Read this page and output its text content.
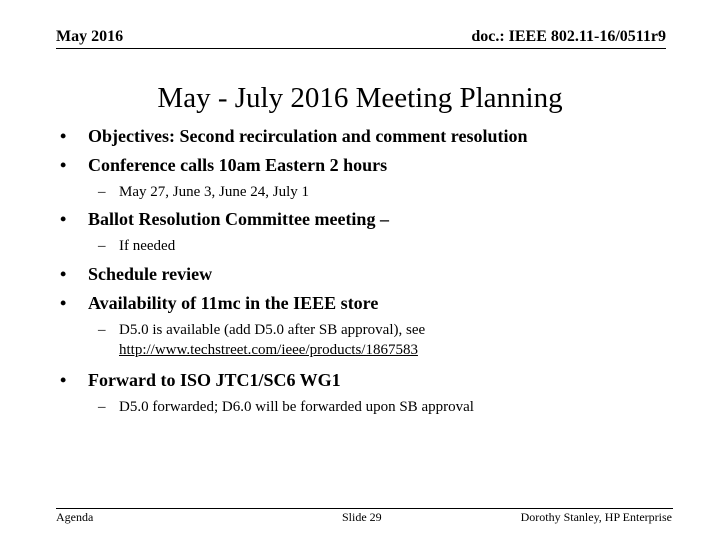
May 2016	doc.: IEEE 802.11-16/0511r9
May - July 2016 Meeting Planning
• Objectives: Second recirculation and comment resolution
• Conference calls 10am Eastern 2 hours
– May 27, June 3, June 24, July 1
• Ballot Resolution Committee meeting –
– If needed
• Schedule review
• Availability of 11mc in the IEEE store
– D5.0 is available (add D5.0 after SB approval), see
http://www.techstreet.com/ieee/products/1867583
• Forward to ISO JTC1/SC6 WG1
– D5.0 forwarded; D6.0 will be forwarded upon SB approval
Agenda	Slide 29	Dorothy Stanley, HP Enterprise
